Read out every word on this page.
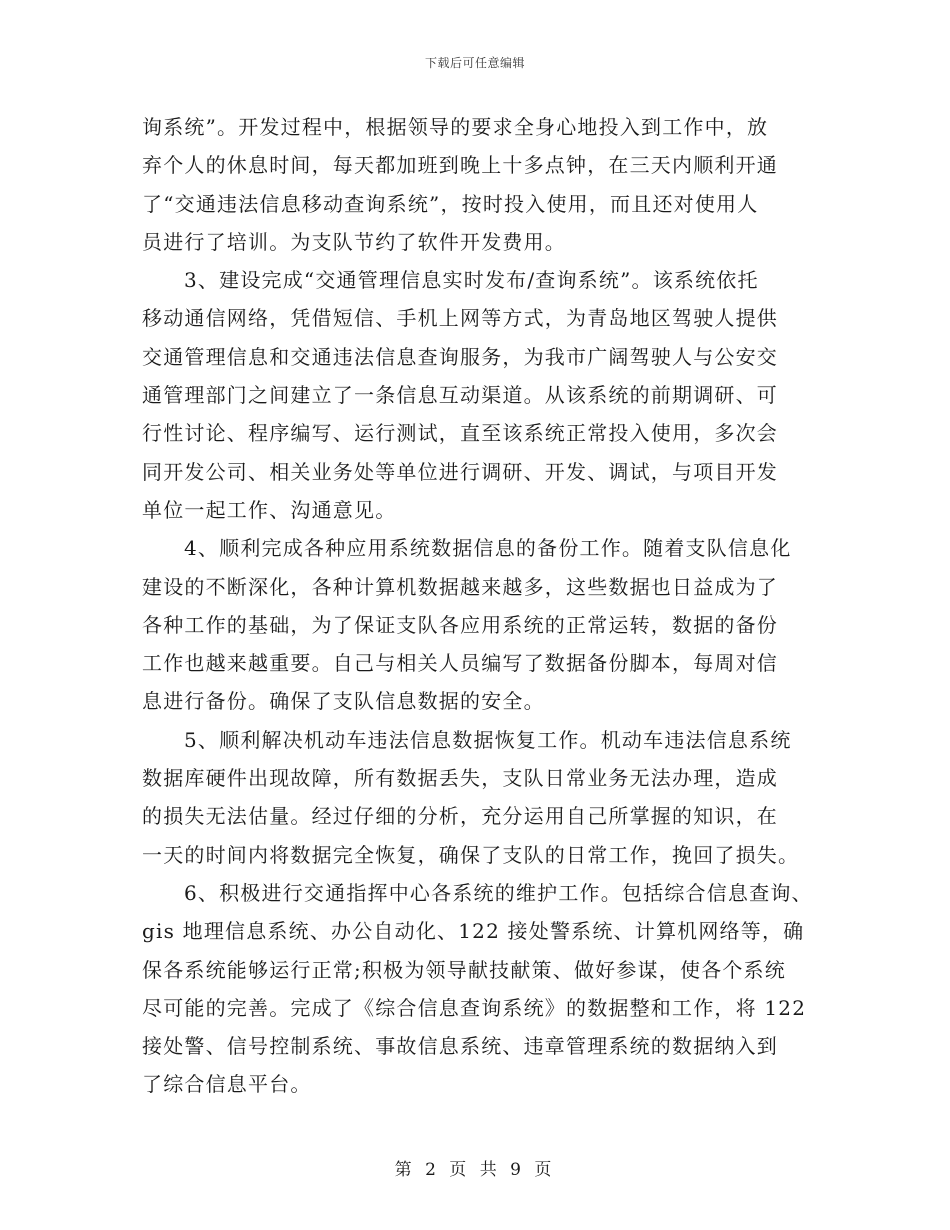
下载后可任意编辑
询系统”。开发过程中，根据领导的要求全身心地投入到工作中，放
弃个人的休息时间，每天都加班到晚上十多点钟，在三天内顺利开通
了“交通违法信息移动查询系统”，按时投入使用，而且还对使用人
员进行了培训。为支队节约了软件开发费用。
3、建设完成“交通管理信息实时发布/查询系统”。该系统依托
移动通信网络，凭借短信、手机上网等方式，为青岛地区驾驶人提供
交通管理信息和交通违法信息查询服务，为我市广阔驾驶人与公安交
通管理部门之间建立了一条信息互动渠道。从该系统的前期调研、可
行性讨论、程序编写、运行测试，直至该系统正常投入使用，多次会
同开发公司、相关业务处等单位进行调研、开发、调试，与项目开发
单位一起工作、沟通意见。
4、顺利完成各种应用系统数据信息的备份工作。随着支队信息化
建设的不断深化，各种计算机数据越来越多，这些数据也日益成为了
各种工作的基础，为了保证支队各应用系统的正常运转，数据的备份
工作也越来越重要。自己与相关人员编写了数据备份脚本，每周对信
息进行备份。确保了支队信息数据的安全。
5、顺利解决机动车违法信息数据恢复工作。机动车违法信息系统
数据库硬件出现故障，所有数据丢失，支队日常业务无法办理，造成
的损失无法估量。经过仔细的分析，充分运用自己所掌握的知识，在
一天的时间内将数据完全恢复，确保了支队的日常工作，挽回了损失。
6、积极进行交通指挥中心各系统的维护工作。包括综合信息查询、
gis 地理信息系统、办公自动化、122 接处警系统、计算机网络等，确
保各系统能够运行正常;积极为领导献技献策、做好参谋，使各个系统
尽可能的完善。完成了《综合信息查询系统》的数据整和工作，将 122
接处警、信号控制系统、事故信息系统、违章管理系统的数据纳入到
了综合信息平台。
第 2 页 共 9 页
